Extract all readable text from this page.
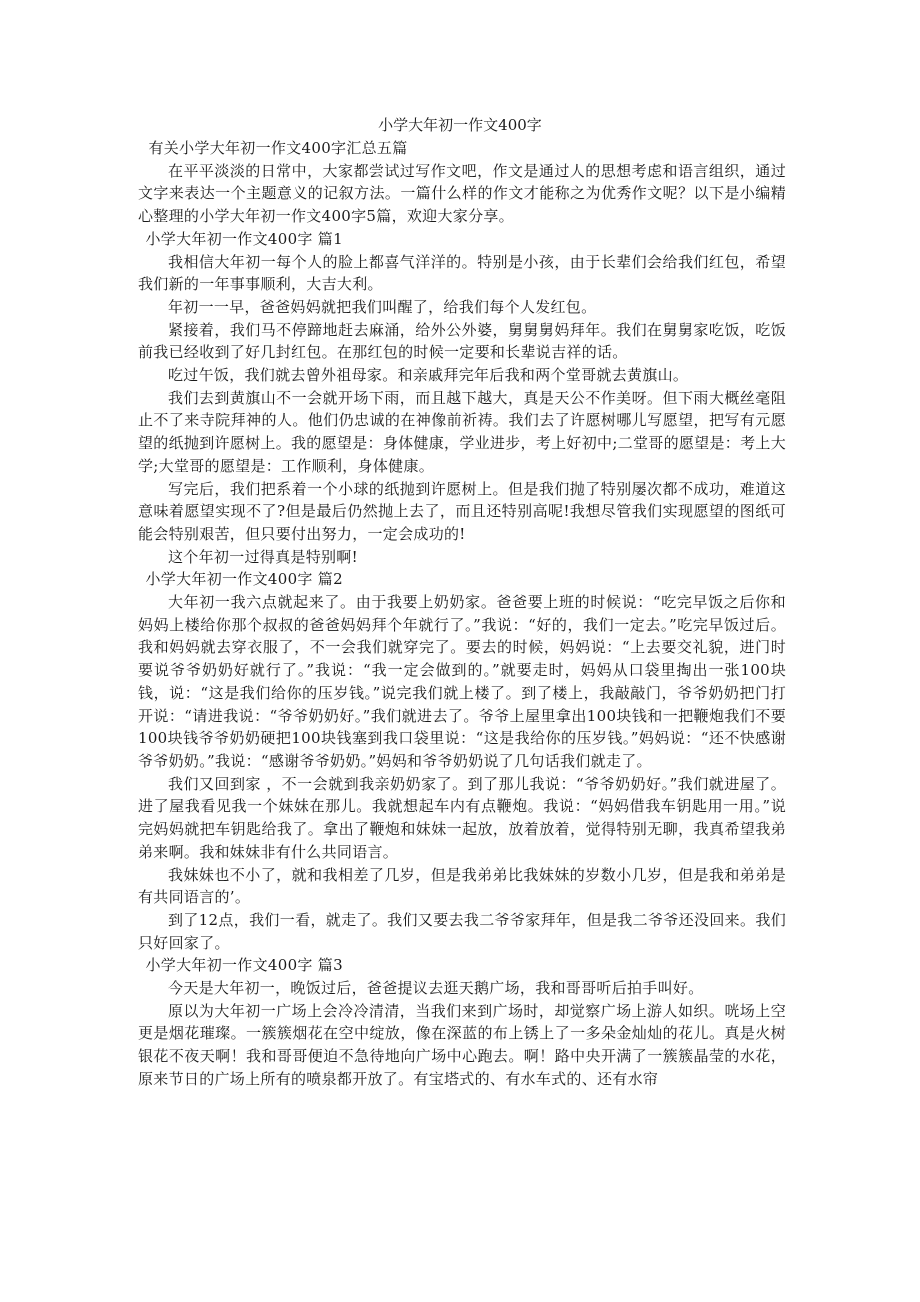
小学大年初一作文400字

有关小学大年初一作文400字汇总五篇

在平平淡淡的日常中，大家都尝试过写作文吧，作文是通过人的思想考虑和语言组织，通过文字来表达一个主题意义的记叙方法。一篇什么样的作文才能称之为优秀作文呢？以下是小编精心整理的小学大年初一作文400字5篇，欢迎大家分享。

小学大年初一作文400字 篇1

我相信大年初一每个人的脸上都喜气洋洋的。特别是小孩，由于长辈们会给我们红包，希望我们新的一年事事顺利，大吉大利。

年初一一早，爸爸妈妈就把我们叫醒了，给我们每个人发红包。

紧接着，我们马不停蹄地赶去麻涌，给外公外婆，舅舅舅妈拜年。我们在舅舅家吃饭，吃饭前我已经收到了好几封红包。在那红包的时候一定要和长辈说吉祥的话。

吃过午饭，我们就去曾外祖母家。和亲戚拜完年后我和两个堂哥就去黄旗山。

我们去到黄旗山不一会就开场下雨，而且越下越大，真是天公不作美呀。但下雨大概丝毫阻止不了来寺院拜神的人。他们仍忠诚的在神像前祈祷。我们去了许愿树哪儿写愿望，把写有元愿望的纸抛到许愿树上。我的愿望是：身体健康，学业进步，考上好初中;二堂哥的愿望是：考上大学;大堂哥的愿望是：工作顺利，身体健康。

写完后，我们把系着一个小球的纸抛到许愿树上。但是我们抛了特别屡次都不成功，难道这意味着愿望实现不了?但是最后仍然抛上去了，而且还特别高呢!我想尽管我们实现愿望的图纸可能会特别艰苦，但只要付出努力，一定会成功的!

这个年初一过得真是特别啊!

小学大年初一作文400字 篇2

大年初一我六点就起来了。由于我要上奶奶家。爸爸要上班的时候说：“吃完早饭之后你和妈妈上楼给你那个叔叔的爸爸妈妈拜个年就行了。”我说：“好的，我们一定去。”吃完早饭过后。我和妈妈就去穿衣服了，不一会我们就穿完了。要去的时候，妈妈说：“上去要交礼貌，进门时要说爷爷奶奶好就行了。”我说：“我一定会做到的。”就要走时，妈妈从口袋里掏出一张100块钱，说：“这是我们给你的压岁钱。”说完我们就上楼了。到了楼上，我敲敲门，爷爷奶奶把门打开说：“请进我说：“爷爷奶奶好。”我们就进去了。爷爷上屋里拿出100块钱和一把鞭炮我们不要100块钱爷爷奶奶硬把100块钱塞到我口袋里说：“这是我给你的压岁钱。”妈妈说：“还不快感谢爷爷奶奶。”我说：“感谢爷爷奶奶。”妈妈和爷爷奶奶说了几句话我们就走了。

我们又回到家 ，不一会就到我亲奶奶家了。到了那儿我说：“爷爷奶奶好。”我们就进屋了。进了屋我看见我一个妹妹在那儿。我就想起车内有点鞭炮。我说：“妈妈借我车钥匙用一用。”说完妈妈就把车钥匙给我了。拿出了鞭炮和妹妹一起放，放着放着，觉得特别无聊，我真希望我弟弟来啊。我和妹妹非有什么共同语言。

我妹妹也不小了，就和我相差了几岁，但是我弟弟比我妹妹的岁数小几岁，但是我和弟弟是有共同语言的’。

到了12点，我们一看，就走了。我们又要去我二爷爷家拜年，但是我二爷爷还没回来。我们只好回家了。

小学大年初一作文400字 篇3

今天是大年初一，晚饭过后，爸爸提议去逛天鹅广场，我和哥哥听后拍手叫好。

原以为大年初一广场上会冷冷清清，当我们来到广场时，却觉察广场上游人如织。咣场上空更是烟花璀璨。一簇簇烟花在空中绽放，像在深蓝的布上锈上了一多朵金灿灿的花儿。真是火树银花不夜天啊！我和哥哥便迫不急待地向广场中心跑去。啊！路中央开满了一簇簇晶莹的水花，原来节日的广场上所有的喷泉都开放了。有宝塔式的、有水车式的、还有水帘
